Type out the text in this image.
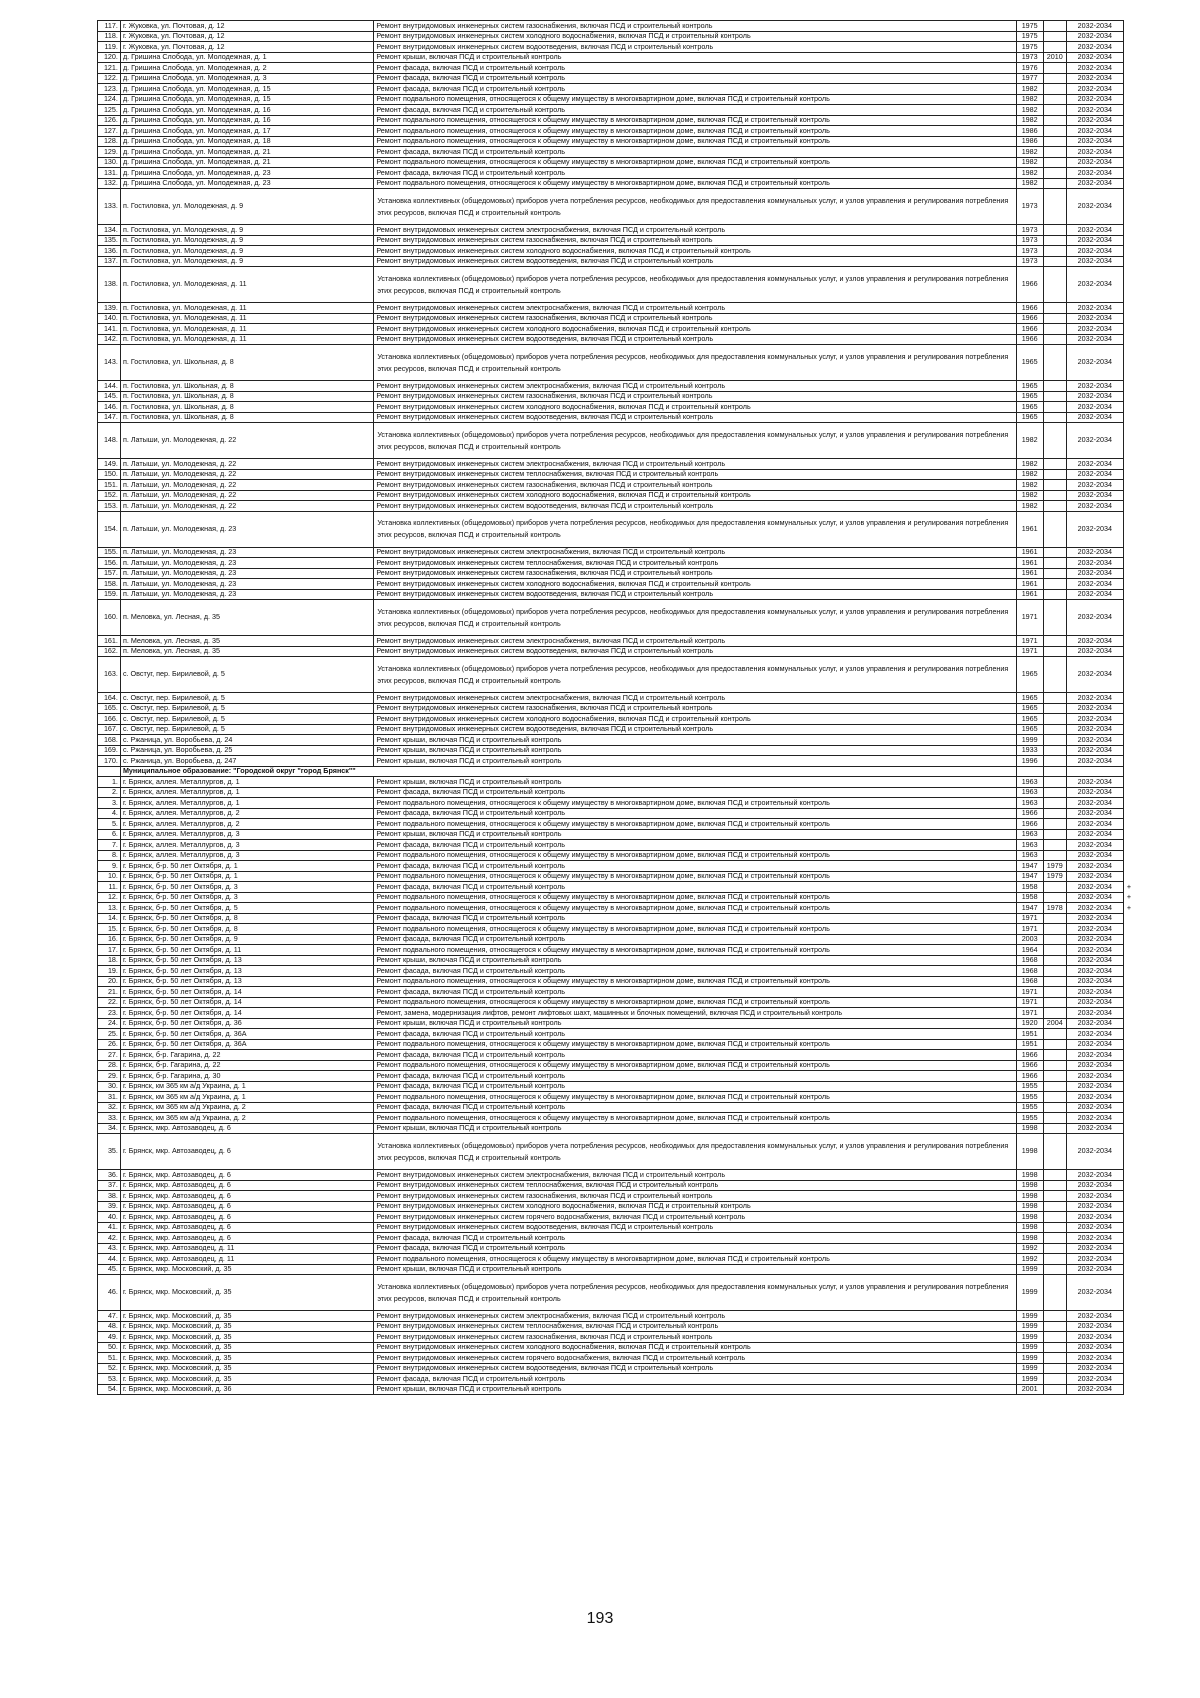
117.	г. Жуковка, ул. Почтовая, д. 12	Ремонт внутридомовых инженерных систем газоснабжения, включая ПСД и строительный контроль	1975		2032-2034	
118.	г. Жуковка, ул. Почтовая, д. 12	Ремонт внутридомовых инженерных систем холодного водоснабжения, включая ПСД и строительный контроль	1975		2032-2034	
119.	г. Жуковка, ул. Почтовая, д. 12	Ремонт внутридомовых инженерных систем водоотведения, включая ПСД и строительный контроль	1975		2032-2034	
120.	д. Гришина Слобода, ул. Молодежная, д. 1	Ремонт крыши, включая ПСД и строительный контроль	1973	2010	2032-2034	
121.	д. Гришина Слобода, ул. Молодежная, д. 2	Ремонт фасада, включая ПСД и строительный контроль	1976		2032-2034	
122.	д. Гришина Слобода, ул. Молодежная, д. 3	Ремонт фасада, включая ПСД и строительный контроль	1977		2032-2034	
123.	д. Гришина Слобода, ул. Молодежная, д. 15	Ремонт фасада, включая ПСД и строительный контроль	1982		2032-2034	
124.	д. Гришина Слобода, ул. Молодежная, д. 15	Ремонт подвального помещения, относящегося к общему имуществу в многоквартирном доме, включая ПСД и строительный контроль	1982		2032-2034	
125.	д. Гришина Слобода, ул. Молодежная, д. 16	Ремонт фасада, включая ПСД и строительный контроль	1982		2032-2034	
126.	д. Гришина Слобода, ул. Молодежная, д. 16	Ремонт подвального помещения, относящегося к общему имуществу в многоквартирном доме, включая ПСД и строительный контроль	1982		2032-2034	
127.	д. Гришина Слобода, ул. Молодежная, д. 17	Ремонт подвального помещения, относящегося к общему имуществу в многоквартирном доме, включая ПСД и строительный контроль	1986		2032-2034	
128.	д. Гришина Слобода, ул. Молодежная, д. 18	Ремонт подвального помещения, относящегося к общему имуществу в многоквартирном доме, включая ПСД и строительный контроль	1986		2032-2034	
129.	д. Гришина Слобода, ул. Молодежная, д. 21	Ремонт фасада, включая ПСД и строительный контроль	1982		2032-2034	
130.	д. Гришина Слобода, ул. Молодежная, д. 21	Ремонт подвального помещения, относящегося к общему имуществу в многоквартирном доме, включая ПСД и строительный контроль	1982		2032-2034	
131.	д. Гришина Слобода, ул. Молодежная, д. 23	Ремонт фасада, включая ПСД и строительный контроль	1982		2032-2034	
132.	д. Гришина Слобода, ул. Молодежная, д. 23	Ремонт подвального помещения, относящегося к общему имуществу в многоквартирном доме, включая ПСД и строительный контроль	1982		2032-2034	
133.	п. Гостиловка, ул. Молодежная, д. 9	Установка коллективных (общедомовых) приборов учета потребления ресурсов, необходимых для предоставления коммунальных услуг, и узлов управления и регулирования потребления этих ресурсов, включая ПСД и строительный контроль	1973		2032-2034	
134.	п. Гостиловка, ул. Молодежная, д. 9	Ремонт внутридомовых инженерных систем электроснабжения, включая ПСД и строительный контроль	1973		2032-2034	
135.	п. Гостиловка, ул. Молодежная, д. 9	Ремонт внутридомовых инженерных систем газоснабжения, включая ПСД и строительный контроль	1973		2032-2034	
136.	п. Гостиловка, ул. Молодежная, д. 9	Ремонт внутридомовых инженерных систем холодного водоснабжения, включая ПСД и строительный контроль	1973		2032-2034	
137.	п. Гостиловка, ул. Молодежная, д. 9	Ремонт внутридомовых инженерных систем водоотведения, включая ПСД и строительный контроль	1973		2032-2034	
138.	п. Гостиловка, ул. Молодежная, д. 11	Установка коллективных (общедомовых) приборов учета потребления ресурсов, необходимых для предоставления коммунальных услуг, и узлов управления и регулирования потребления этих ресурсов, включая ПСД и строительный контроль	1966		2032-2034	
139.	п. Гостиловка, ул. Молодежная, д. 11	Ремонт внутридомовых инженерных систем электроснабжения, включая ПСД и строительный контроль	1966		2032-2034	
140.	п. Гостиловка, ул. Молодежная, д. 11	Ремонт внутридомовых инженерных систем газоснабжения, включая ПСД и строительный контроль	1966		2032-2034	
141.	п. Гостиловка, ул. Молодежная, д. 11	Ремонт внутридомовых инженерных систем холодного водоснабжения, включая ПСД и строительный контроль	1966		2032-2034	
142.	п. Гостиловка, ул. Молодежная, д. 11	Ремонт внутридомовых инженерных систем водоотведения, включая ПСД и строительный контроль	1966		2032-2034	
143.	п. Гостиловка, ул. Школьная, д. 8	Установка коллективных (общедомовых) приборов учета потребления ресурсов, необходимых для предоставления коммунальных услуг, и узлов управления и регулирования потребления этих ресурсов, включая ПСД и строительный контроль	1965		2032-2034	
144.	п. Гостиловка, ул. Школьная, д. 8	Ремонт внутридомовых инженерных систем электроснабжения, включая ПСД и строительный контроль	1965		2032-2034	
145.	п. Гостиловка, ул. Школьная, д. 8	Ремонт внутридомовых инженерных систем газоснабжения, включая ПСД и строительный контроль	1965		2032-2034	
146.	п. Гостиловка, ул. Школьная, д. 8	Ремонт внутридомовых инженерных систем холодного водоснабжения, включая ПСД и строительный контроль	1965		2032-2034	
147.	п. Гостиловка, ул. Школьная, д. 8	Ремонт внутридомовых инженерных систем водоотведения, включая ПСД и строительный контроль	1965		2032-2034	
148.	п. Латыши, ул. Молодежная, д. 22	Установка коллективных (общедомовых) приборов учета потребления ресурсов, необходимых для предоставления коммунальных услуг, и узлов управления и регулирования потребления этих ресурсов, включая ПСД и строительный контроль	1982		2032-2034	
149.	п. Латыши, ул. Молодежная, д. 22	Ремонт внутридомовых инженерных систем электроснабжения, включая ПСД и строительный контроль	1982		2032-2034	
150.	п. Латыши, ул. Молодежная, д. 22	Ремонт внутридомовых инженерных систем теплоснабжения, включая ПСД и строительный контроль	1982		2032-2034	
151.	п. Латыши, ул. Молодежная, д. 22	Ремонт внутридомовых инженерных систем газоснабжения, включая ПСД и строительный контроль	1982		2032-2034	
152.	п. Латыши, ул. Молодежная, д. 22	Ремонт внутридомовых инженерных систем холодного водоснабжения, включая ПСД и строительный контроль	1982		2032-2034	
153.	п. Латыши, ул. Молодежная, д. 22	Ремонт внутридомовых инженерных систем водоотведения, включая ПСД и строительный контроль	1982		2032-2034	
154.	п. Латыши, ул. Молодежная, д. 23	Установка коллективных (общедомовых) приборов учета потребления ресурсов, необходимых для предоставления коммунальных услуг, и узлов управления и регулирования потребления этих ресурсов, включая ПСД и строительный контроль	1961		2032-2034	
155.	п. Латыши, ул. Молодежная, д. 23	Ремонт внутридомовых инженерных систем электроснабжения, включая ПСД и строительный контроль	1961		2032-2034	
156.	п. Латыши, ул. Молодежная, д. 23	Ремонт внутридомовых инженерных систем теплоснабжения, включая ПСД и строительный контроль	1961		2032-2034	
157.	п. Латыши, ул. Молодежная, д. 23	Ремонт внутридомовых инженерных систем газоснабжения, включая ПСД и строительный контроль	1961		2032-2034	
158.	п. Латыши, ул. Молодежная, д. 23	Ремонт внутридомовых инженерных систем холодного водоснабжения, включая ПСД и строительный контроль	1961		2032-2034	
159.	п. Латыши, ул. Молодежная, д. 23	Ремонт внутридомовых инженерных систем водоотведения, включая ПСД и строительный контроль	1961		2032-2034	
160.	п. Меловка, ул. Лесная, д. 35	Установка коллективных (общедомовых) приборов учета потребления ресурсов, необходимых для предоставления коммунальных услуг, и узлов управления и регулирования потребления этих ресурсов, включая ПСД и строительный контроль	1971		2032-2034	
161.	п. Меловка, ул. Лесная, д. 35	Ремонт внутридомовых инженерных систем электроснабжения, включая ПСД и строительный контроль	1971		2032-2034	
162.	п. Меловка, ул. Лесная, д. 35	Ремонт внутридомовых инженерных систем водоотведения, включая ПСД и строительный контроль	1971		2032-2034	
163.	с. Овстуг, пер. Бирилевой, д. 5	Установка коллективных (общедомовых) приборов учета потребления ресурсов, необходимых для предоставления коммунальных услуг, и узлов управления и регулирования потребления этих ресурсов, включая ПСД и строительный контроль	1965		2032-2034	
164.	с. Овстуг, пер. Бирилевой, д. 5	Ремонт внутридомовых инженерных систем электроснабжения, включая ПСД и строительный контроль	1965		2032-2034	
165.	с. Овстуг, пер. Бирилевой, д. 5	Ремонт внутридомовых инженерных систем газоснабжения, включая ПСД и строительный контроль	1965		2032-2034	
166.	с. Овстуг, пер. Бирилевой, д. 5	Ремонт внутридомовых инженерных систем холодного водоснабжения, включая ПСД и строительный контроль	1965		2032-2034	
167.	с. Овстуг, пер. Бирилевой, д. 5	Ремонт внутридомовых инженерных систем водоотведения, включая ПСД и строительный контроль	1965		2032-2034	
168.	с. Ржаница, ул. Воробьева, д. 24	Ремонт крыши, включая ПСД и строительный контроль	1999		2032-2034	
169.	с. Ржаница, ул. Воробьева, д. 25	Ремонт крыши, включая ПСД и строительный контроль	1933		2032-2034	
170.	с. Ржаница, ул. Воробьева, д. 247	Ремонт крыши, включая ПСД и строительный контроль	1996		2032-2034	
	Муниципальное образование: "Городской округ "город Брянск""					
1.	г. Брянск, аллея. Металлургов, д. 1	Ремонт крыши, включая ПСД и строительный контроль	1963		2032-2034	
2.	г. Брянск, аллея. Металлургов, д. 1	Ремонт фасада, включая ПСД и строительный контроль	1963		2032-2034	
3.	г. Брянск, аллея. Металлургов, д. 1	Ремонт подвального помещения, относящегося к общему имуществу в многоквартирном доме, включая ПСД и строительный контроль	1963		2032-2034	
4.	г. Брянск, аллея. Металлургов, д. 2	Ремонт фасада, включая ПСД и строительный контроль	1966		2032-2034	
5.	г. Брянск, аллея. Металлургов, д. 2	Ремонт подвального помещения, относящегося к общему имуществу в многоквартирном доме, включая ПСД и строительный контроль	1966		2032-2034	
6.	г. Брянск, аллея. Металлургов, д. 3	Ремонт крыши, включая ПСД и строительный контроль	1963		2032-2034	
7.	г. Брянск, аллея. Металлургов, д. 3	Ремонт фасада, включая ПСД и строительный контроль	1963		2032-2034	
8.	г. Брянск, аллея. Металлургов, д. 3	Ремонт подвального помещения, относящегося к общему имуществу в многоквартирном доме, включая ПСД и строительный контроль	1963		2032-2034	
9.	г. Брянск, б-р. 50 лет Октября, д. 1	Ремонт фасада, включая ПСД и строительный контроль	1947	1979	2032-2034	
10.	г. Брянск, б-р. 50 лет Октября, д. 1	Ремонт подвального помещения, относящегося к общему имуществу в многоквартирном доме, включая ПСД и строительный контроль	1947	1979	2032-2034	
11.	г. Брянск, б-р. 50 лет Октября, д. 3	Ремонт фасада, включая ПСД и строительный контроль	1958		2032-2034	+
12.	г. Брянск, б-р. 50 лет Октября, д. 3	Ремонт подвального помещения, относящегося к общему имуществу в многоквартирном доме, включая ПСД и строительный контроль	1958		2032-2034	+
13.	г. Брянск, б-р. 50 лет Октября, д. 5	Ремонт подвального помещения, относящегося к общему имуществу в многоквартирном доме, включая ПСД и строительный контроль	1947	1978	2032-2034	+
14.	г. Брянск, б-р. 50 лет Октября, д. 8	Ремонт фасада, включая ПСД и строительный контроль	1971		2032-2034	
15.	г. Брянск, б-р. 50 лет Октября, д. 8	Ремонт подвального помещения, относящегося к общему имуществу в многоквартирном доме, включая ПСД и строительный контроль	1971		2032-2034	
16.	г. Брянск, б-р. 50 лет Октября, д. 9	Ремонт фасада, включая ПСД и строительный контроль	2003		2032-2034	
17.	г. Брянск, б-р. 50 лет Октября, д. 11	Ремонт подвального помещения, относящегося к общему имуществу в многоквартирном доме, включая ПСД и строительный контроль	1964		2032-2034	
18.	г. Брянск, б-р. 50 лет Октября, д. 13	Ремонт крыши, включая ПСД и строительный контроль	1968		2032-2034	
19.	г. Брянск, б-р. 50 лет Октября, д. 13	Ремонт фасада, включая ПСД и строительный контроль	1968		2032-2034	
20.	г. Брянск, б-р. 50 лет Октября, д. 13	Ремонт подвального помещения, относящегося к общему имуществу в многоквартирном доме, включая ПСД и строительный контроль	1968		2032-2034	
21.	г. Брянск, б-р. 50 лет Октября, д. 14	Ремонт фасада, включая ПСД и строительный контроль	1971		2032-2034	
22.	г. Брянск, б-р. 50 лет Октября, д. 14	Ремонт подвального помещения, относящегося к общему имуществу в многоквартирном доме, включая ПСД и строительный контроль	1971		2032-2034	
23.	г. Брянск, б-р. 50 лет Октября, д. 14	Ремонт, замена, модернизация лифтов, ремонт лифтовых шахт, машинных и блочных помещений, включая ПСД и строительный контроль	1971		2032-2034	
24.	г. Брянск, б-р. 50 лет Октября, д. 36	Ремонт крыши, включая ПСД и строительный контроль	1920	2004	2032-2034	
25.	г. Брянск, б-р. 50 лет Октября, д. 36А	Ремонт фасада, включая ПСД и строительный контроль	1951		2032-2034	
26.	г. Брянск, б-р. 50 лет Октября, д. 36А	Ремонт подвального помещения, относящегося к общему имуществу в многоквартирном доме, включая ПСД и строительный контроль	1951		2032-2034	
27.	г. Брянск, б-р. Гагарина, д. 22	Ремонт фасада, включая ПСД и строительный контроль	1966		2032-2034	
28.	г. Брянск, б-р. Гагарина, д. 22	Ремонт подвального помещения, относящегося к общему имуществу в многоквартирном доме, включая ПСД и строительный контроль	1966		2032-2034	
29.	г. Брянск, б-р. Гагарина, д. 30	Ремонт фасада, включая ПСД и строительный контроль	1966		2032-2034	
30.	г. Брянск, км 365 км а/д Украина, д. 1	Ремонт фасада, включая ПСД и строительный контроль	1955		2032-2034	
31.	г. Брянск, км 365 км а/д Украина, д. 1	Ремонт подвального помещения, относящегося к общему имуществу в многоквартирном доме, включая ПСД и строительный контроль	1955		2032-2034	
32.	г. Брянск, км 365 км а/д Украина, д. 2	Ремонт фасада, включая ПСД и строительный контроль	1955		2032-2034	
33.	г. Брянск, км 365 км а/д Украина, д. 2	Ремонт подвального помещения, относящегося к общему имуществу в многоквартирном доме, включая ПСД и строительный контроль	1955		2032-2034	
34.	г. Брянск, мкр. Автозаводец, д. 6	Ремонт крыши, включая ПСД и строительный контроль	1998		2032-2034	
35.	г. Брянск, мкр. Автозаводец, д. 6	Установка коллективных (общедомовых) приборов учета потребления ресурсов, необходимых для предоставления коммунальных услуг, и узлов управления и регулирования потребления этих ресурсов, включая ПСД и строительный контроль	1998		2032-2034	
36.	г. Брянск, мкр. Автозаводец, д. 6	Ремонт внутридомовых инженерных систем электроснабжения, включая ПСД и строительный контроль	1998		2032-2034	
37.	г. Брянск, мкр. Автозаводец, д. 6	Ремонт внутридомовых инженерных систем теплоснабжения, включая ПСД и строительный контроль	1998		2032-2034	
38.	г. Брянск, мкр. Автозаводец, д. 6	Ремонт внутридомовых инженерных систем газоснабжения, включая ПСД и строительный контроль	1998		2032-2034	
39.	г. Брянск, мкр. Автозаводец, д. 6	Ремонт внутридомовых инженерных систем холодного водоснабжения, включая ПСД и строительный контроль	1998		2032-2034	
40.	г. Брянск, мкр. Автозаводец, д. 6	Ремонт внутридомовых инженерных систем горячего водоснабжения, включая ПСД и строительный контроль	1998		2032-2034	
41.	г. Брянск, мкр. Автозаводец, д. 6	Ремонт внутридомовых инженерных систем водоотведения, включая ПСД и строительный контроль	1998		2032-2034	
42.	г. Брянск, мкр. Автозаводец, д. 6	Ремонт фасада, включая ПСД и строительный контроль	1998		2032-2034	
43.	г. Брянск, мкр. Автозаводец, д. 11	Ремонт фасада, включая ПСД и строительный контроль	1992		2032-2034	
44.	г. Брянск, мкр. Автозаводец, д. 11	Ремонт подвального помещения, относящегося к общему имуществу в многоквартирном доме, включая ПСД и строительный контроль	1992		2032-2034	
45.	г. Брянск, мкр. Московский, д. 35	Ремонт крыши, включая ПСД и строительный контроль	1999		2032-2034	
46.	г. Брянск, мкр. Московский, д. 35	Установка коллективных (общедомовых) приборов учета потребления ресурсов, необходимых для предоставления коммунальных услуг, и узлов управления и регулирования потребления этих ресурсов, включая ПСД и строительный контроль	1999		2032-2034	
47.	г. Брянск, мкр. Московский, д. 35	Ремонт внутридомовых инженерных систем электроснабжения, включая ПСД и строительный контроль	1999		2032-2034	
48.	г. Брянск, мкр. Московский, д. 35	Ремонт внутридомовых инженерных систем теплоснабжения, включая ПСД и строительный контроль	1999		2032-2034	
49.	г. Брянск, мкр. Московский, д. 35	Ремонт внутридомовых инженерных систем газоснабжения, включая ПСД и строительный контроль	1999		2032-2034	
50.	г. Брянск, мкр. Московский, д. 35	Ремонт внутридомовых инженерных систем холодного водоснабжения, включая ПСД и строительный контроль	1999		2032-2034	
51.	г. Брянск, мкр. Московский, д. 35	Ремонт внутридомовых инженерных систем горячего водоснабжения, включая ПСД и строительный контроль	1999		2032-2034	
52.	г. Брянск, мкр. Московский, д. 35	Ремонт внутридомовых инженерных систем водоотведения, включая ПСД и строительный контроль	1999		2032-2034	
53.	г. Брянск, мкр. Московский, д. 35	Ремонт фасада, включая ПСД и строительный контроль	1999		2032-2034	
54.	г. Брянск, мкр. Московский, д. 36	Ремонт крыши, включая ПСД и строительный контроль	2001		2032-2034	
193
